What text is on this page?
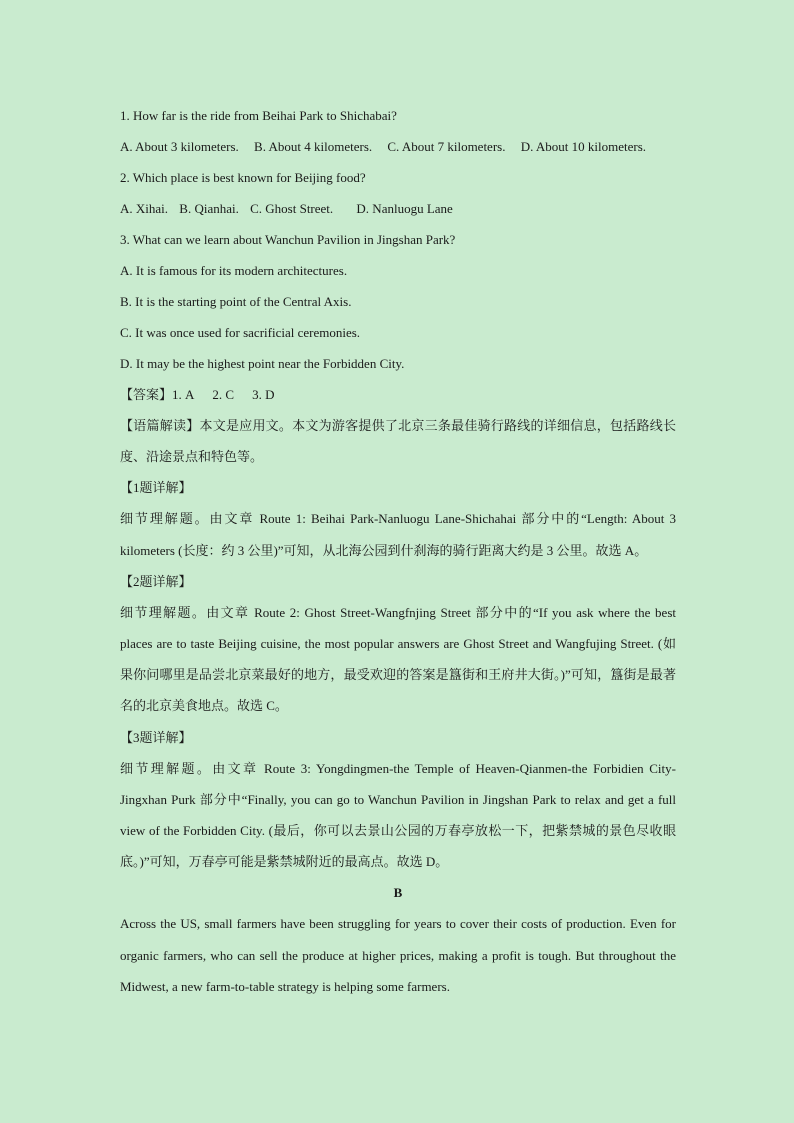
1. How far is the ride from Beihai Park to Shichabai?
A. About 3 kilometers. B. About 4 kilometers. C. About 7 kilometers. D. About 10 kilometers.
2. Which place is best known for Beijing food?
A. Xihai. B. Qianhai. C. Ghost Street. D. Nanluogu Lane
3. What can we learn about Wanchun Pavilion in Jingshan Park?
A. It is famous for its modern architectures.
B. It is the starting point of the Central Axis.
C. It was once used for sacrificial ceremonies.
D. It may be the highest point near the Forbidden City.
【答案】1. A 2. C 3. D
【语篇解读】本文是应用文。本文为游客提供了北京三条最佳骑行路线的详细信息，包括路线长度、沿途景点和特色等。
【1题详解】
细节理解题。由文章 Route 1: Beihai Park-Nanluogu Lane-Shichahai 部分中的“Length: About 3 kilometers (长度：约 3 公里)”可知，从北海公园到什刹海的骑行距离大约是 3 公里。故选 A。
【2题详解】
细节理解题。由文章 Route 2: Ghost Street-Wangfnjing Street 部分中的“If you ask where the best places are to taste Beijing cuisine, the most popular answers are Ghost Street and Wangfujing Street. (如果你问哪里是品尝北京菜最好的地方，最受欢迎的答案是簋街和王府井大街。)”可知，簋街是最著名的北京美食地点。故选 C。
【3题详解】
细节理解题。由文章 Route 3: Yongdingmen-the Temple of Heaven-Qianmen-the Forbidien City-Jingxhan Purk 部分中“Finally, you can go to Wanchun Pavilion in Jingshan Park to relax and get a full view of the Forbidden City. (最后，你可以去景山公园的万春亭放松一下，把紫禁城的景色尽收眼底。)”可知，万春亭可能是紫禁城附近的最高点。故选 D。
B
Across the US, small farmers have been struggling for years to cover their costs of production. Even for organic farmers, who can sell the produce at higher prices, making a profit is tough. But throughout the Midwest, a new farm-to-table strategy is helping some farmers.
